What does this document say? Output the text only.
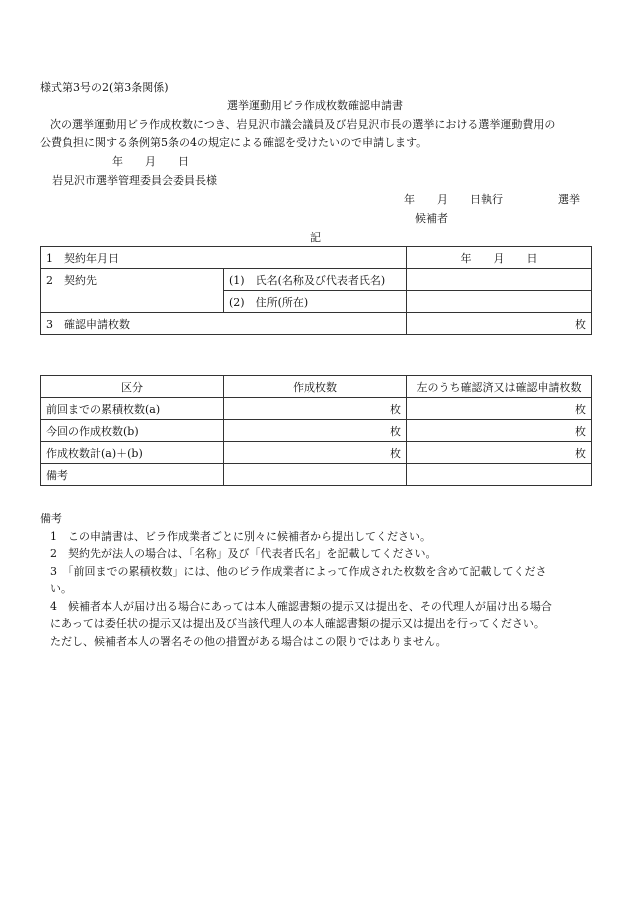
様式第3号の2(第3条関係)
選挙運動用ビラ作成枚数確認申請書
次の選挙運動用ビラ作成枚数につき、岩見沢市議会議員及び岩見沢市長の選挙における選挙運動費用の
公費負担に関する条例第5条の4の規定による確認を受けたいので申請します。
年　　月　　日
岩見沢市選挙管理委員会委員長様
年　　月　　日執行　　　　　選挙
候補者
記
1　契約年月日		年　　月　　日
2　契約先	(1)　氏名(名称及び代表者氏名)	
	(2)　住所(所在)	
3　確認申請枚数		枚
区分	作成枚数	左のうち確認済又は確認申請枚数
前回までの累積枚数(a)	枚	枚
今回の作成枚数(b)	枚	枚
作成枚数計(a)＋(b)	枚	枚
備考		
備考
1　この申請書は、ビラ作成業者ごとに別々に候補者から提出してください。
2　契約先が法人の場合は、「名称」及び「代表者氏名」を記載してください。
3　「前回までの累積枚数」には、他のビラ作成業者によって作成された枚数を含めて記載してくださ
い。
4　候補者本人が届け出る場合にあっては本人確認書類の提示又は提出を、その代理人が届け出る場合
にあっては委任状の提示又は提出及び当該代理人の本人確認書類の提示又は提出を行ってください。
ただし、候補者本人の署名その他の措置がある場合はこの限りではありません。
